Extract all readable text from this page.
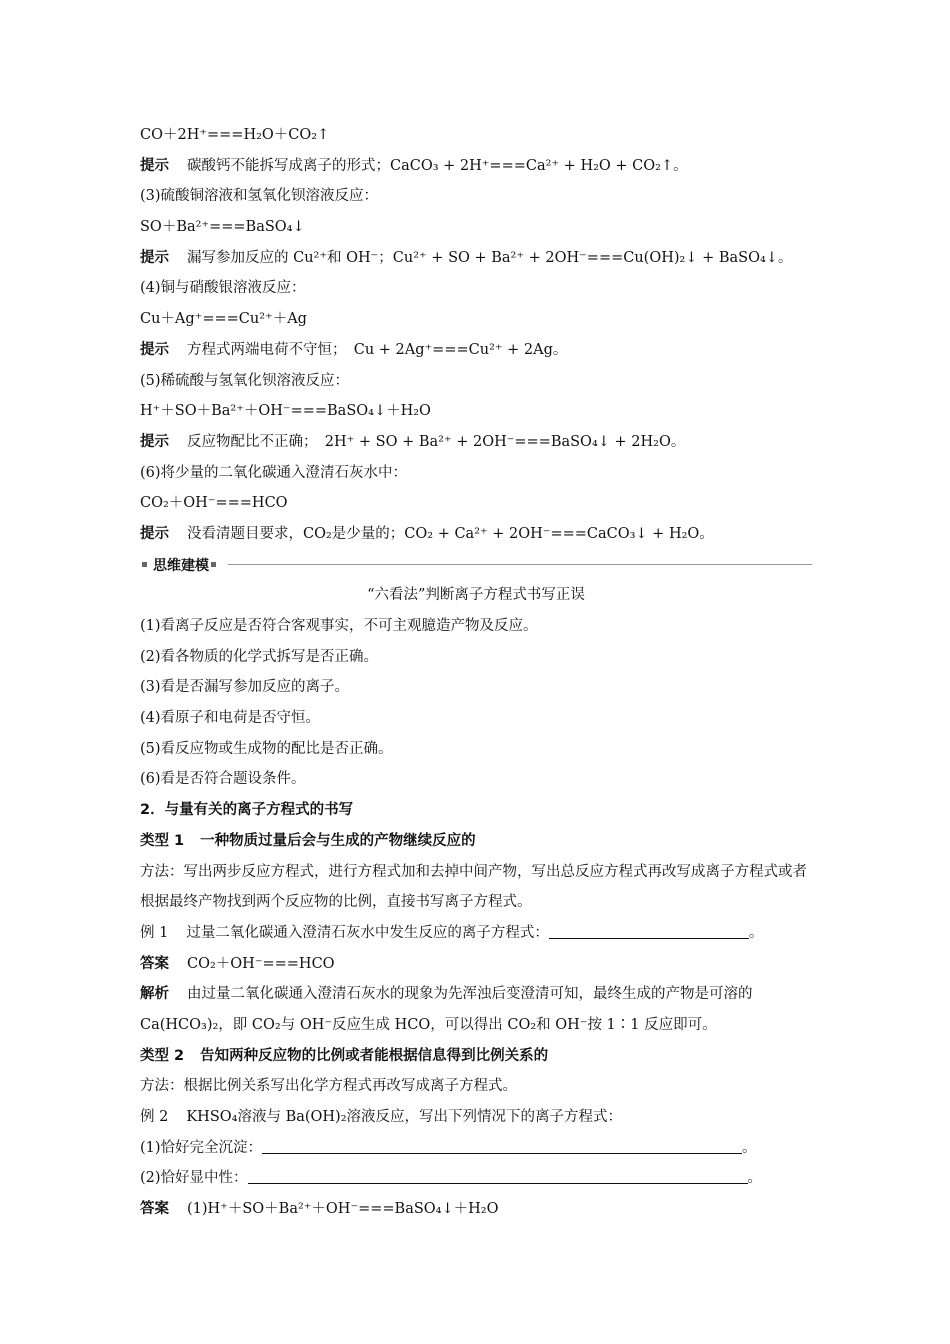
CO＋2H⁺===H₂O＋CO₂↑
提示 碳酸钙不能拆写成离子的形式；CaCO₃ + 2H⁺===Ca²⁺ + H₂O + CO₂↑。
(3)硫酸铜溶液和氢氧化钡溶液反应：
SO＋Ba²⁺===BaSO₄↓
提示 漏写参加反应的 Cu²⁺和 OH⁻；Cu²⁺ + SO + Ba²⁺ + 2OH⁻===Cu(OH)₂↓ + BaSO₄↓。
(4)铜与硝酸银溶液反应：
Cu＋Ag⁺===Cu²⁺＋Ag
提示 方程式两端电荷不守恒；　Cu + 2Ag⁺===Cu²⁺ + 2Ag。
(5)稀硫酸与氢氧化钡溶液反应：
H⁺＋SO＋Ba²⁺＋OH⁻===BaSO₄↓＋H₂O
提示 反应物配比不正确；　2H⁺ + SO + Ba²⁺ + 2OH⁻===BaSO₄↓ + 2H₂O。
(6)将少量的二氧化碳通入澄清石灰水中：
CO₂＋OH⁻===HCO
提示 没看清题目要求，CO₂是少量的；CO₂ + Ca²⁺ + 2OH⁻===CaCO₃↓ + H₂O。
思维建模
“六看法”判断离子方程式书写正误
(1)看离子反应是否符合客观事实，不可主观臆造产物及反应。
(2)看各物质的化学式拆写是否正确。
(3)看是否漏写参加反应的离子。
(4)看原子和电荷是否守恒。
(5)看反应物或生成物的配比是否正确。
(6)看是否符合题设条件。
2．与量有关的离子方程式的书写
类型 1 一种物质过量后会与生成的产物继续反应的
方法：写出两步反应方程式，进行方程式加和去掉中间产物，写出总反应方程式再改写成离子方程式或者根据最终产物找到两个反应物的比例，直接书写离子方程式。
例 1 过量二氧化碳通入澄清石灰水中发生反应的离子方程式：	。
答案 CO₂＋OH⁻===HCO
解析 由过量二氧化碳通入澄清石灰水的现象为先浑浊后变澄清可知，最终生成的产物是可溶的 Ca(HCO₃)₂，即 CO₂与 OH⁻反应生成 HCO，可以得出 CO₂和 OH⁻按 1∶1 反应即可。
类型 2 告知两种反应物的比例或者能根据信息得到比例关系的
方法：根据比例关系写出化学方程式再改写成离子方程式。
例 2 KHSO₄溶液与 Ba(OH)₂溶液反应，写出下列情况下的离子方程式：
(1)恰好完全沉淀：	。
(2)恰好显中性：	。
答案 (1)H⁺＋SO＋Ba²⁺＋OH⁻===BaSO₄↓＋H₂O
